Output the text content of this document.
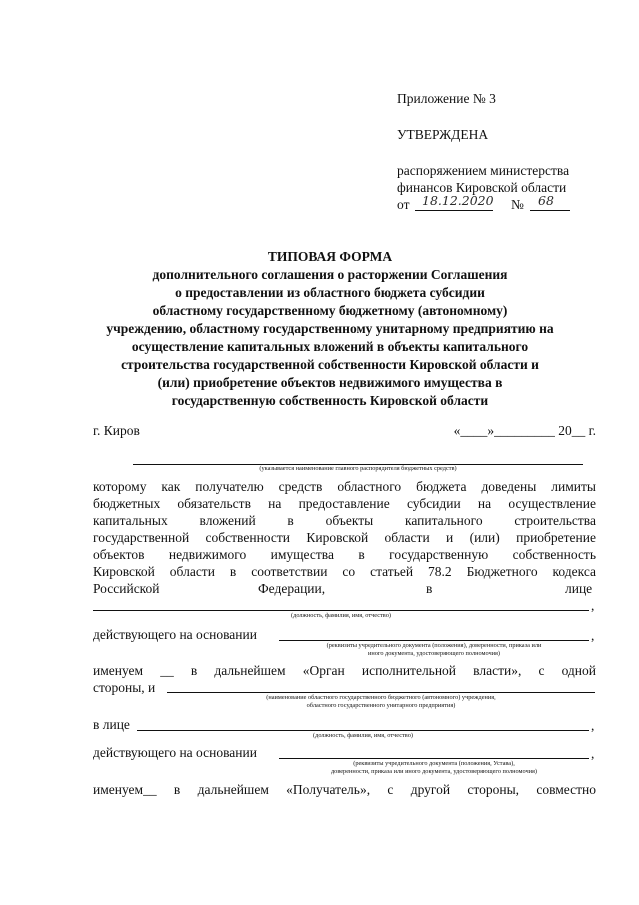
Приложение № 3
УТВЕРЖДЕНА
распоряжением министерства
финансов Кировской области
от 18.12.2020 № 68
ТИПОВАЯ ФОРМА
дополнительного соглашения о расторжении Соглашения
о предоставлении из областного бюджета субсидии
областному государственному бюджетному (автономному)
учреждению, областному государственному унитарному предприятию на
осуществление капитальных вложений в объекты капитального
строительства государственной собственности Кировской области и
(или) приобретение объектов недвижимого имущества в
государственную собственность Кировской области
г. Киров	«____»_________ 20__ г.
(указывается наименование главного распорядителя бюджетных средств)
которому как получателю средств областного бюджета доведены лимиты
бюджетных обязательств на предоставление субсидии на осуществление
капитальных вложений в объекты капитального строительства
государственной собственности Кировской области и (или) приобретение
объектов недвижимого имущества в государственную собственность
Кировской области в соответствии со статьей 78.2 Бюджетного кодекса
Российской	Федерации,	в	лице
,
(должность, фамилия, имя, отчество)
действующего на основании	,
(реквизиты учредительного документа (положения), доверенности, приказа или
иного документа, удостоверяющего полномочия)
именуем __ в дальнейшем «Орган исполнительной власти», с одной
стороны, и
(наименование областного государственного бюджетного (автономного) учреждения,
областного государственного унитарного предприятия)
в лице	,
(должность, фамилия, имя, отчество)
действующего на основании	,
(реквизиты учредительного документа (положения, Устава),
доверенности, приказа или иного документа, удостоверяющего полномочия)
именуем__ в дальнейшем «Получатель», с другой стороны, совместно
